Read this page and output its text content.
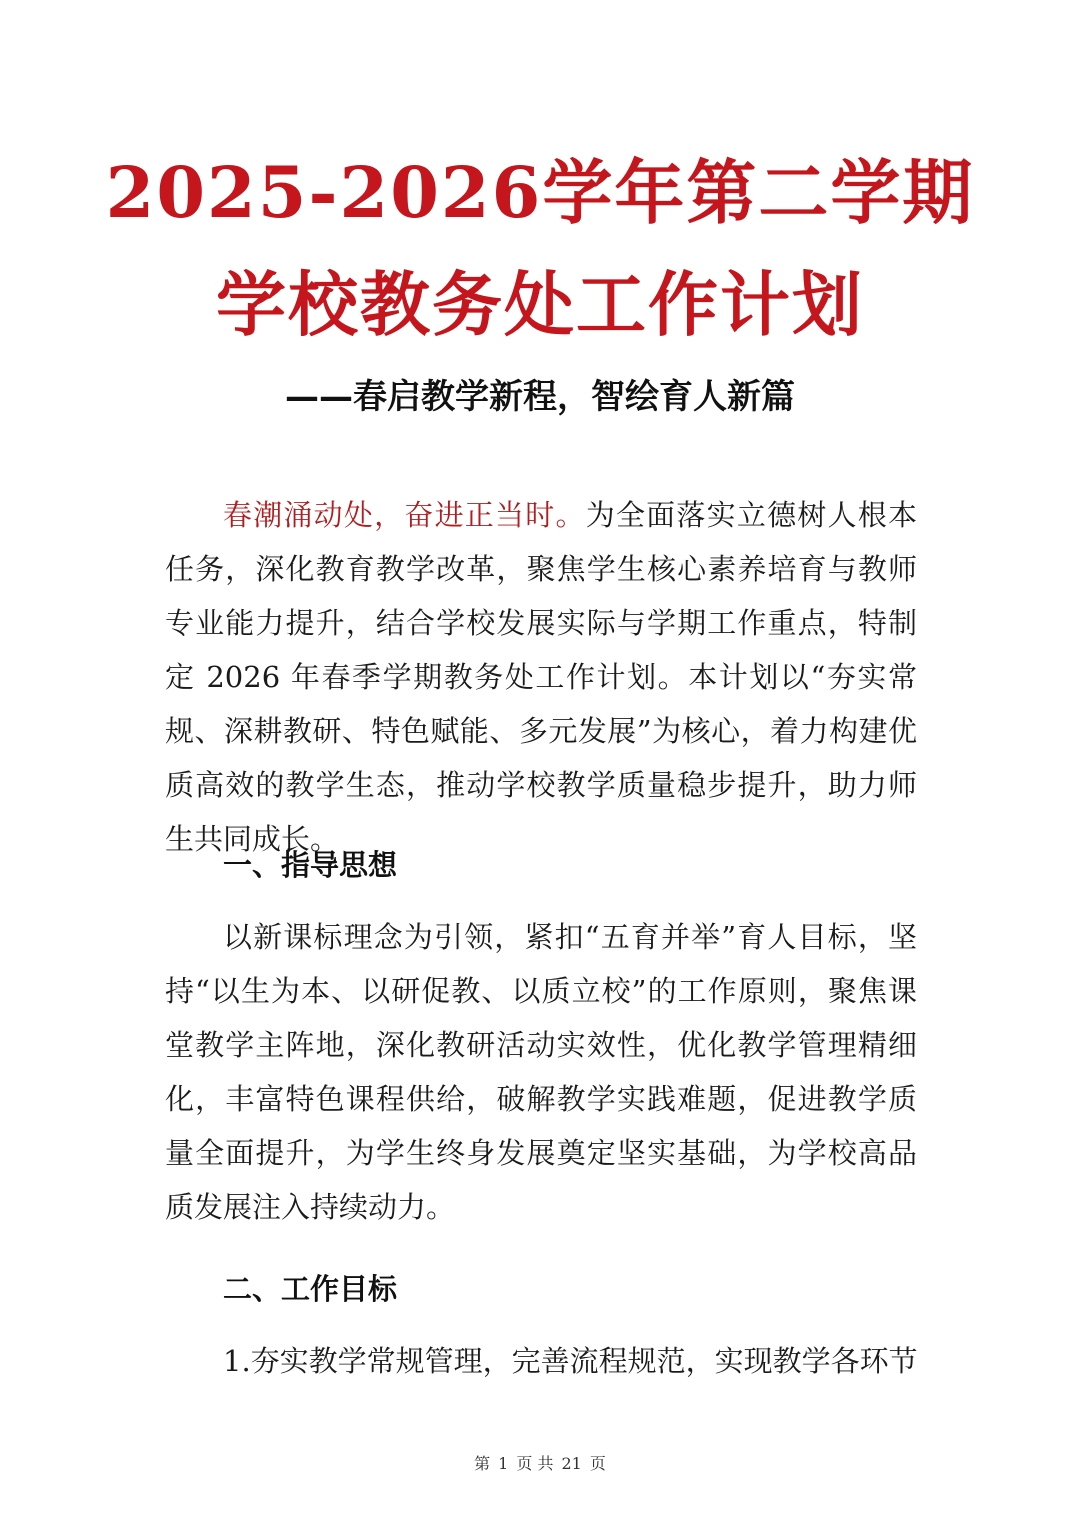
2025-2026学年第二学期
学校教务处工作计划
——春启教学新程，智绘育人新篇

春潮涌动处，奋进正当时。为全面落实立德树人根本任务，深化教育教学改革，聚焦学生核心素养培育与教师专业能力提升，结合学校发展实际与学期工作重点，特制定 2026 年春季学期教务处工作计划。本计划以“夯实常规、深耕教研、特色赋能、多元发展”为核心，着力构建优质高效的教学生态，推动学校教学质量稳步提升，助力师生共同成长。

一、指导思想

以新课标理念为引领，紧扣“五育并举”育人目标，坚持“以生为本、以研促教、以质立校”的工作原则，聚焦课堂教学主阵地，深化教研活动实效性，优化教学管理精细化，丰富特色课程供给，破解教学实践难题，促进教学质量全面提升，为学生终身发展奠定坚实基础，为学校高品质发展注入持续动力。

二、工作目标

1.夯实教学常规管理，完善流程规范，实现教学各环节

第 1 页 共 21 页
